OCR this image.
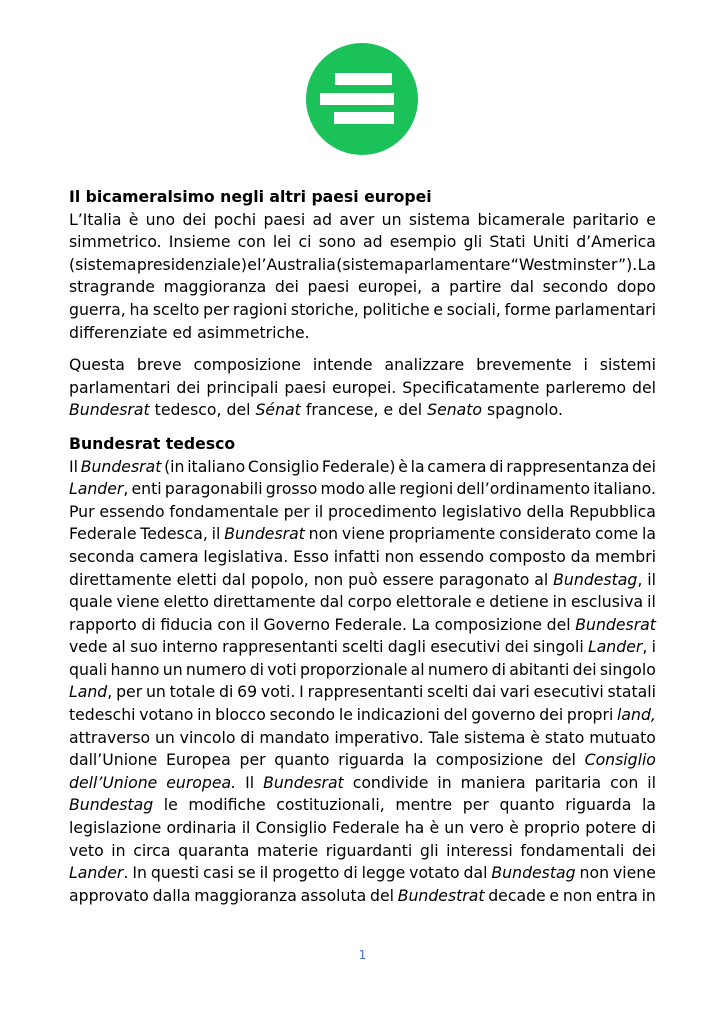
Il bicameralsimo negli altri paesi europei
L’Italia è uno dei pochi paesi ad aver un sistema bicamerale paritario e
simmetrico. Insieme con lei ci sono ad esempio gli Stati Uniti d’America
(sistema presidenziale) e l’Australia (sistema parlamentare “Westminster”). La
stragrande maggioranza dei paesi europei, a partire dal secondo dopo
guerra, ha scelto per ragioni storiche, politiche e sociali, forme parlamentari
differenziate ed asimmetriche.
Questa breve composizione intende analizzare brevemente i sistemi
parlamentari dei principali paesi europei. Specificatamente parleremo del
Bundesrat tedesco, del Sénat francese, e del Senato spagnolo.
Bundesrat tedesco
Il Bundesrat (in italiano Consiglio Federale) è la camera di rappresentanza dei
Lander, enti paragonabili grosso modo alle regioni dell’ordinamento italiano.
Pur essendo fondamentale per il procedimento legislativo della Repubblica
Federale Tedesca, il Bundesrat non viene propriamente considerato come la
seconda camera legislativa. Esso infatti non essendo composto da membri
direttamente eletti dal popolo, non può essere paragonato al Bundestag, il
quale viene eletto direttamente dal corpo elettorale e detiene in esclusiva il
rapporto di fiducia con il Governo Federale. La composizione del Bundesrat
vede al suo interno rappresentanti scelti dagli esecutivi dei singoli Lander, i
quali hanno un numero di voti proporzionale al numero di abitanti dei singolo
Land, per un totale di 69 voti. I rappresentanti scelti dai vari esecutivi statali
tedeschi votano in blocco secondo le indicazioni del governo dei propri land,
attraverso un vincolo di mandato imperativo. Tale sistema è stato mutuato
dall’Unione Europea per quanto riguarda la composizione del Consiglio
dell’Unione europea. Il Bundesrat condivide in maniera paritaria con il
Bundestag le modifiche costituzionali, mentre per quanto riguarda la
legislazione ordinaria il Consiglio Federale ha è un vero è proprio potere di
veto in circa quaranta materie riguardanti gli interessi fondamentali dei
Lander. In questi casi se il progetto di legge votato dal Bundestag non viene
approvato dalla maggioranza assoluta del Bundestrat decade e non entra in
1
